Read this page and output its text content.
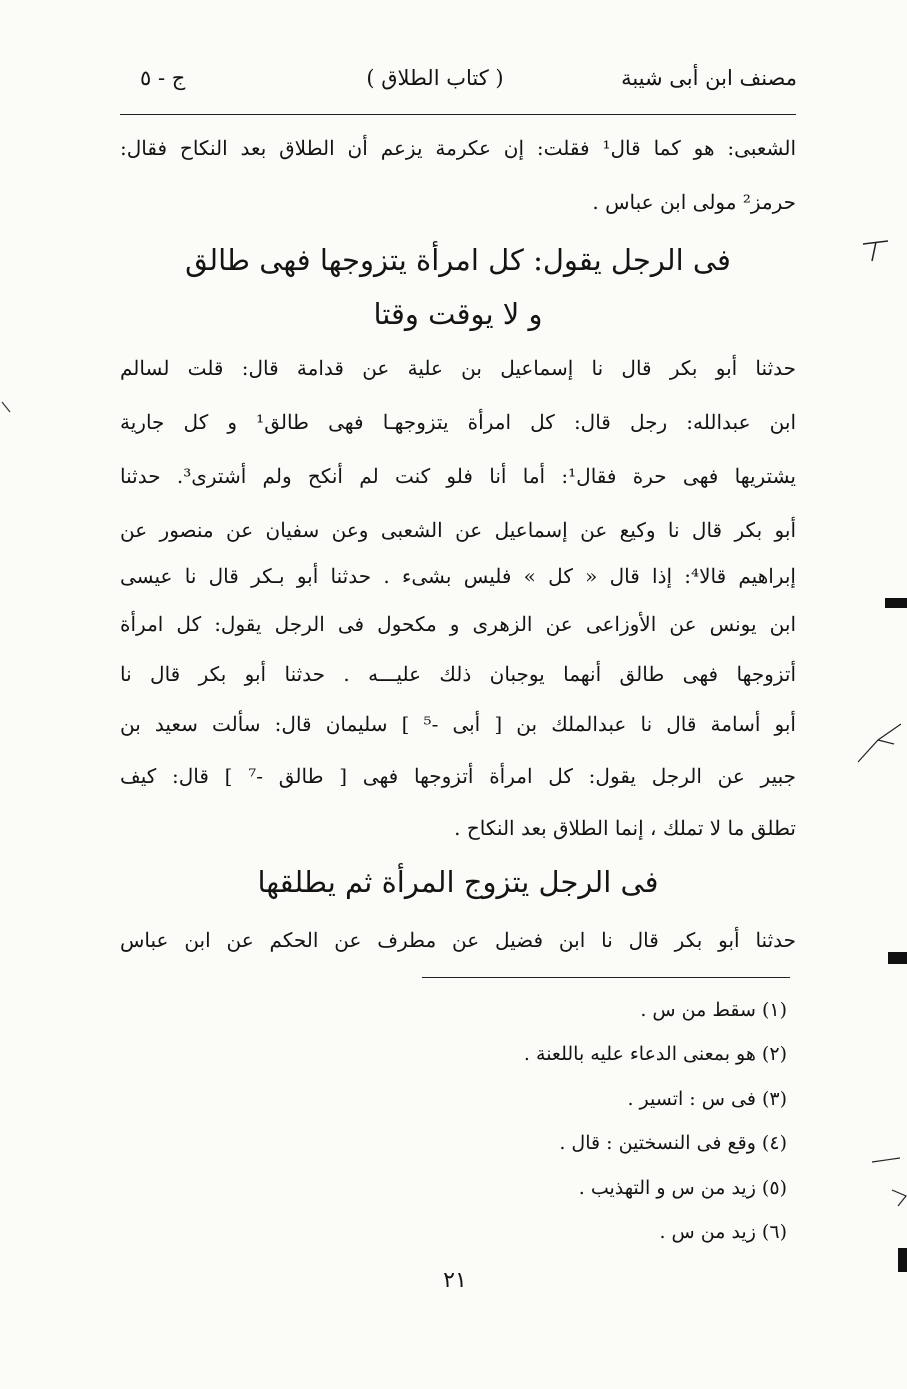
مصنف ابن أبى شيبة
( كتاب الطلاق )
ج - ٥
الشعبى: هو كما قال¹ فقلت: إن عكرمة يزعم أن الطلاق بعد النكاح فقال:
حرمز² مولى ابن عباس .
فى الرجل يقول: كل امرأة يتزوجها فهى طالق
و لا يوقت وقتا
حدثنا أبو بكر قال نا إسماعيل بن علية عن قدامة قال: قلت لسالم
ابن عبدالله: رجل قال: كل امرأة يتزوجهـا فهى طالق¹ و كل جارية
يشتريها فهى حرة فقال¹: أما أنا فلو كنت لم أنكح ولم أشترى³. حدثنا
أبو بكر قال نا وكيع عن إسماعيل عن الشعبى وعن سفيان عن منصور عن
إبراهيم قالا⁴: إذا قال « كل » فليس بشىء . حدثنا أبو بـكر قال نا عيسى
ابن يونس عن الأوزاعى عن الزهرى و مكحول فى الرجل يقول: كل امرأة
أتزوجها فهى طالق أنهما يوجبان ذلك عليـــه . حدثنا أبو بكر قال نا
أبو أسامة قال نا عبدالملك بن [ أبى -⁵ ] سليمان قال: سألت سعيد بن
جبير عن الرجل يقول: كل امرأة أتزوجها فهى [ طالق -⁷ ] قال: كيف
تطلق ما لا تملك ، إنما الطلاق بعد النكاح .
فى الرجل يتزوج المرأة ثم يطلقها
حدثنا أبو بكر قال نا ابن فضيل عن مطرف عن الحكم عن ابن عباس
(١) سقط من س .
(٢) هو بمعنى الدعاء عليه باللعنة .
(٣) فى س : اتسير .
(٤) وقع فى النسختين : قال .
(٥) زيد من س و التهذيب .
(٦) زيد من س .
٢١
